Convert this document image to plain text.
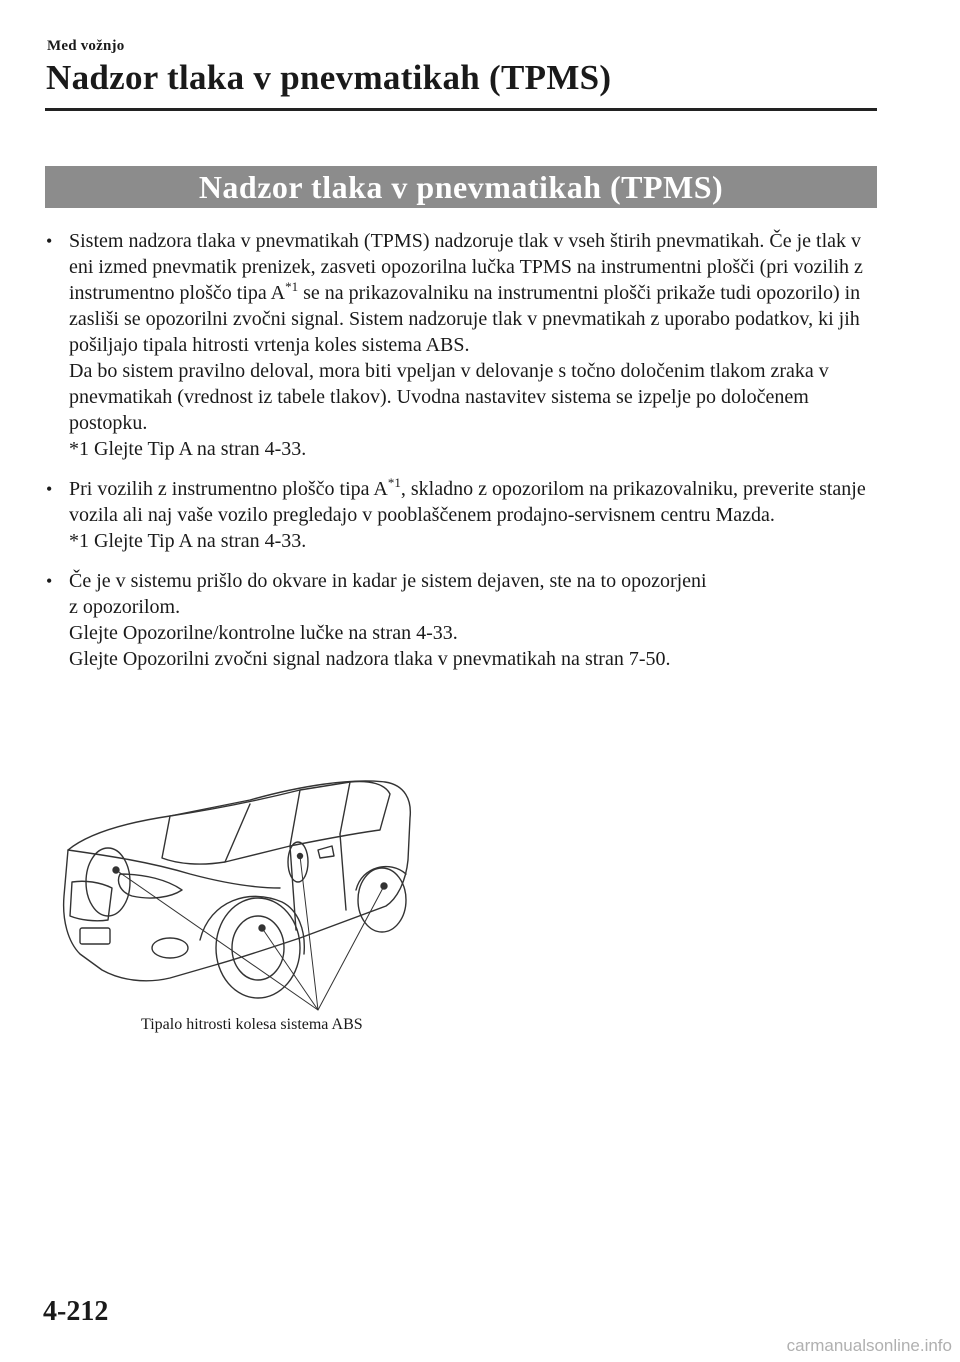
Med vožnjo
Nadzor tlaka v pnevmatikah (TPMS)
Nadzor tlaka v pnevmatikah (TPMS)
• Sistem nadzora tlaka v pnevmatikah (TPMS) nadzoruje tlak v vseh štirih pnevmatikah. Če je tlak v eni izmed pnevmatik prenizek, zasveti opozorilna lučka TPMS na instrumentni plošči (pri vozilih z instrumentno ploščo tipa $A^{*1}$ se na prikazovalniku na instrumentni plošči prikaže tudi opozorilo) in zasliši se opozorilni zvočni signal. Sistem nadzoruje tlak v pnevmatikah z uporabo podatkov, ki jih pošiljajo tipala hitrosti vrtenja koles sistema ABS.

Da bo sistem pravilno deloval, mora biti vpeljan v delovanje s točno določenim tlakom zraka v pnevmatikah (vrednost iz tabele tlakov). Uvodna nastavitev sistema se izpelje po določenem postopku.

*1 Glejte Tip A na stran 4-33.

• Pri vozilih z instrumentno ploščo tipa $A^{*1}$, skladno z opozorilom na prikazovalniku, preverite stanje vozila ali naj vaše vozilo pregledajo v pooblaščenem prodajno-servisnem centru Mazda.

*1 Glejte Tip A na stran 4-33.

• Če je v sistemu prišlo do okvare in kadar je sistem dejaven, ste na to opozorjeni

z opozorilom.

Glejte Opozorilne/kontrolne lučke na stran 4-33.

Glejte Opozorilni zvočni signal nadzora tlaka v pnevmatikah na stran 7-50.

Tipalo hitrosti kolesa sistema ABS
4-212
carmanualsonline.info
